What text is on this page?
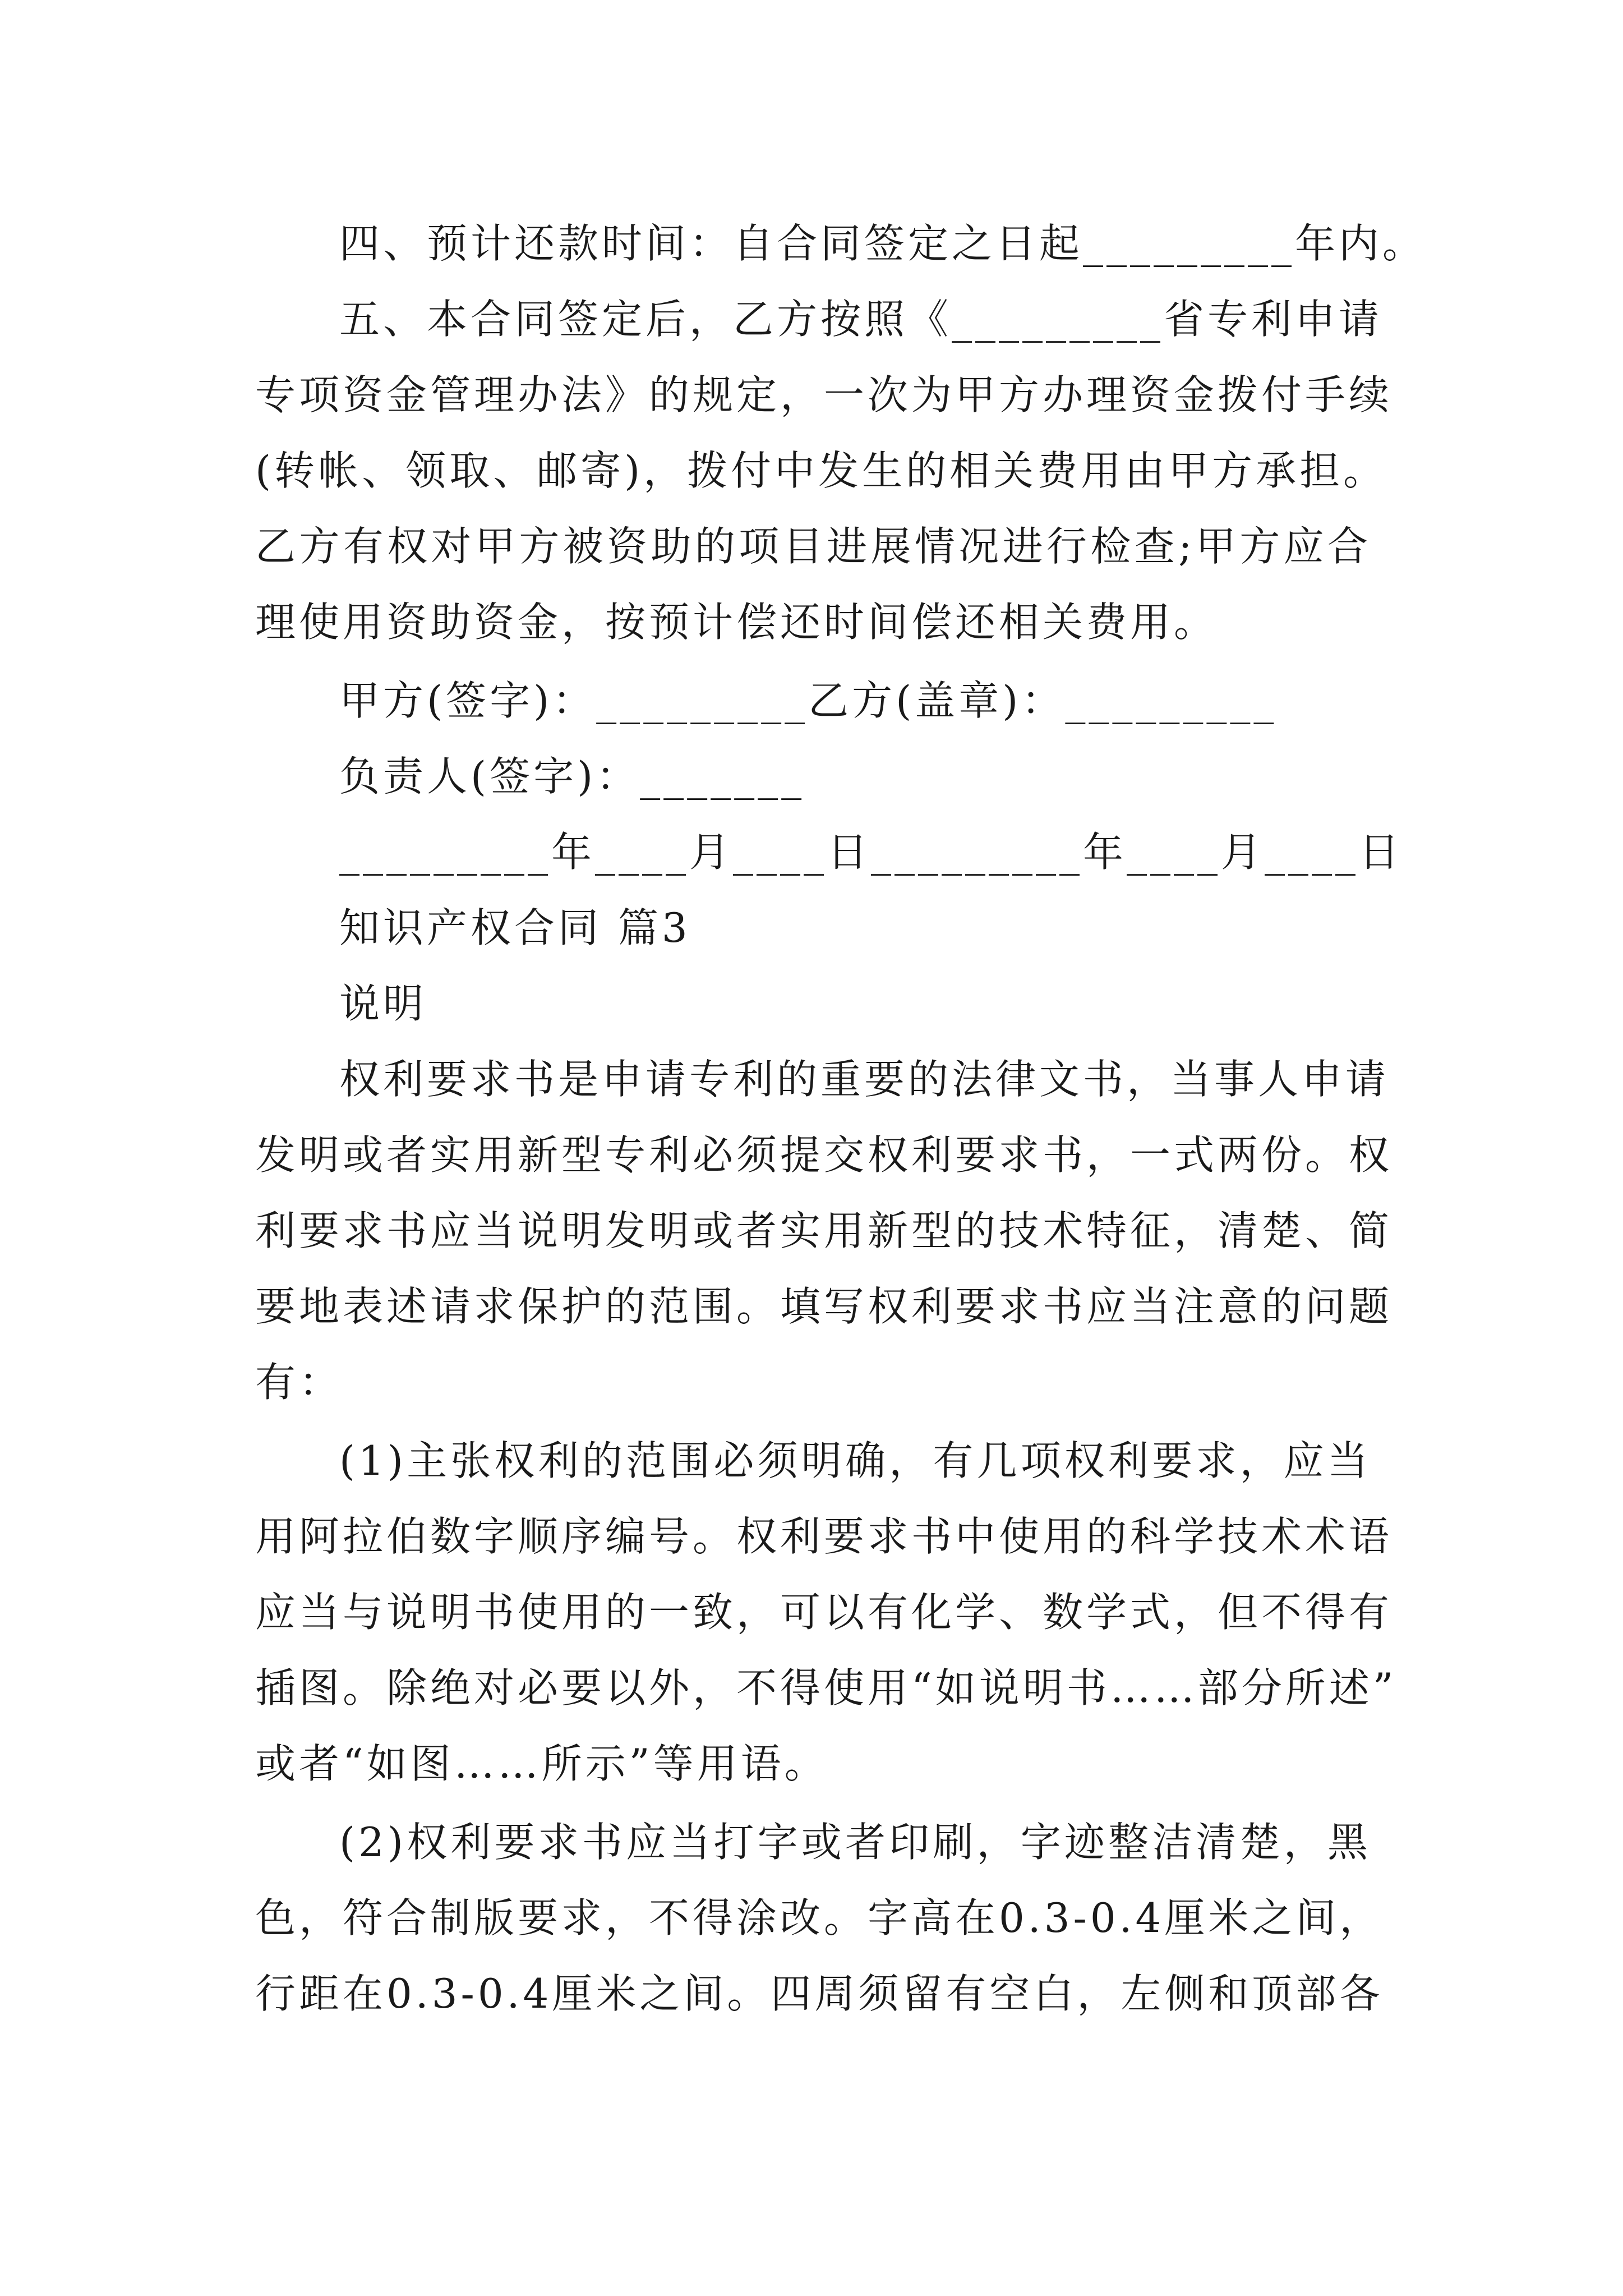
四、预计还款时间：自合同签定之日起_________年内。
五、本合同签定后，乙方按照《_________省专利申请
专项资金管理办法》的规定，一次为甲方办理资金拨付手续
(转帐、领取、邮寄)，拨付中发生的相关费用由甲方承担。
乙方有权对甲方被资助的项目进展情况进行检查;甲方应合
理使用资助资金，按预计偿还时间偿还相关费用。
甲方(签字)：_________乙方(盖章)：_________
负责人(签字)：_______
_________年____月____日_________年____月____日
知识产权合同 篇3
说明
权利要求书是申请专利的重要的法律文书，当事人申请
发明或者实用新型专利必须提交权利要求书，一式两份。权
利要求书应当说明发明或者实用新型的技术特征，清楚、简
要地表述请求保护的范围。填写权利要求书应当注意的问题
有：
(1)主张权利的范围必须明确，有几项权利要求，应当
用阿拉伯数字顺序编号。权利要求书中使用的科学技术术语
应当与说明书使用的一致，可以有化学、数学式，但不得有
插图。除绝对必要以外，不得使用“如说明书……部分所述”
或者“如图……所示”等用语。
(2)权利要求书应当打字或者印刷，字迹整洁清楚，黑
色，符合制版要求，不得涂改。字高在0.3-0.4厘米之间，
行距在0.3-0.4厘米之间。四周须留有空白，左侧和顶部各
